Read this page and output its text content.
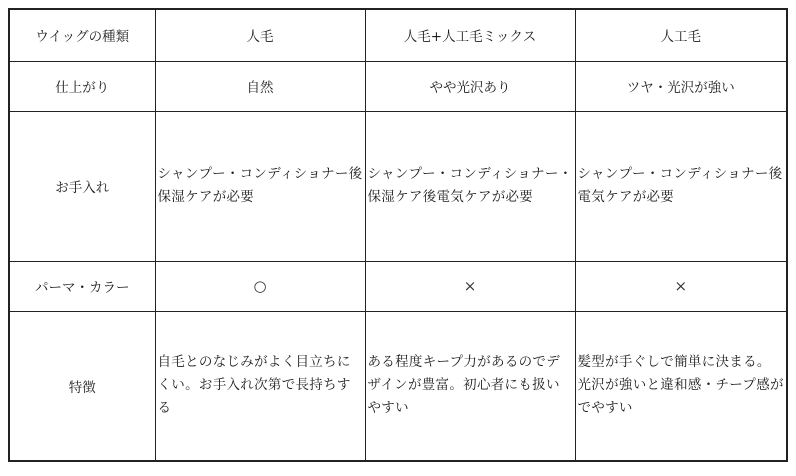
ウイッグの種類	人毛	人毛+人工毛ミックス	人工毛
仕上がり	自然	やや光沢あり	ツヤ・光沢が強い
お手入れ	シャンプー・コンディショナー後保湿ケアが必要	シャンプー・コンディショナー・保湿ケア後電気ケアが必要	シャンプー・コンディショナー後電気ケアが必要
パーマ・カラー	○	×	×
特徴	自毛とのなじみがよく目立ちにくい。お手入れ次第で長持ちする	ある程度キープ力があるのでデザインが豊富。初心者にも扱いやすい	髪型が手ぐしで簡単に決まる。光沢が強いと違和感・チープ感がでやすい
